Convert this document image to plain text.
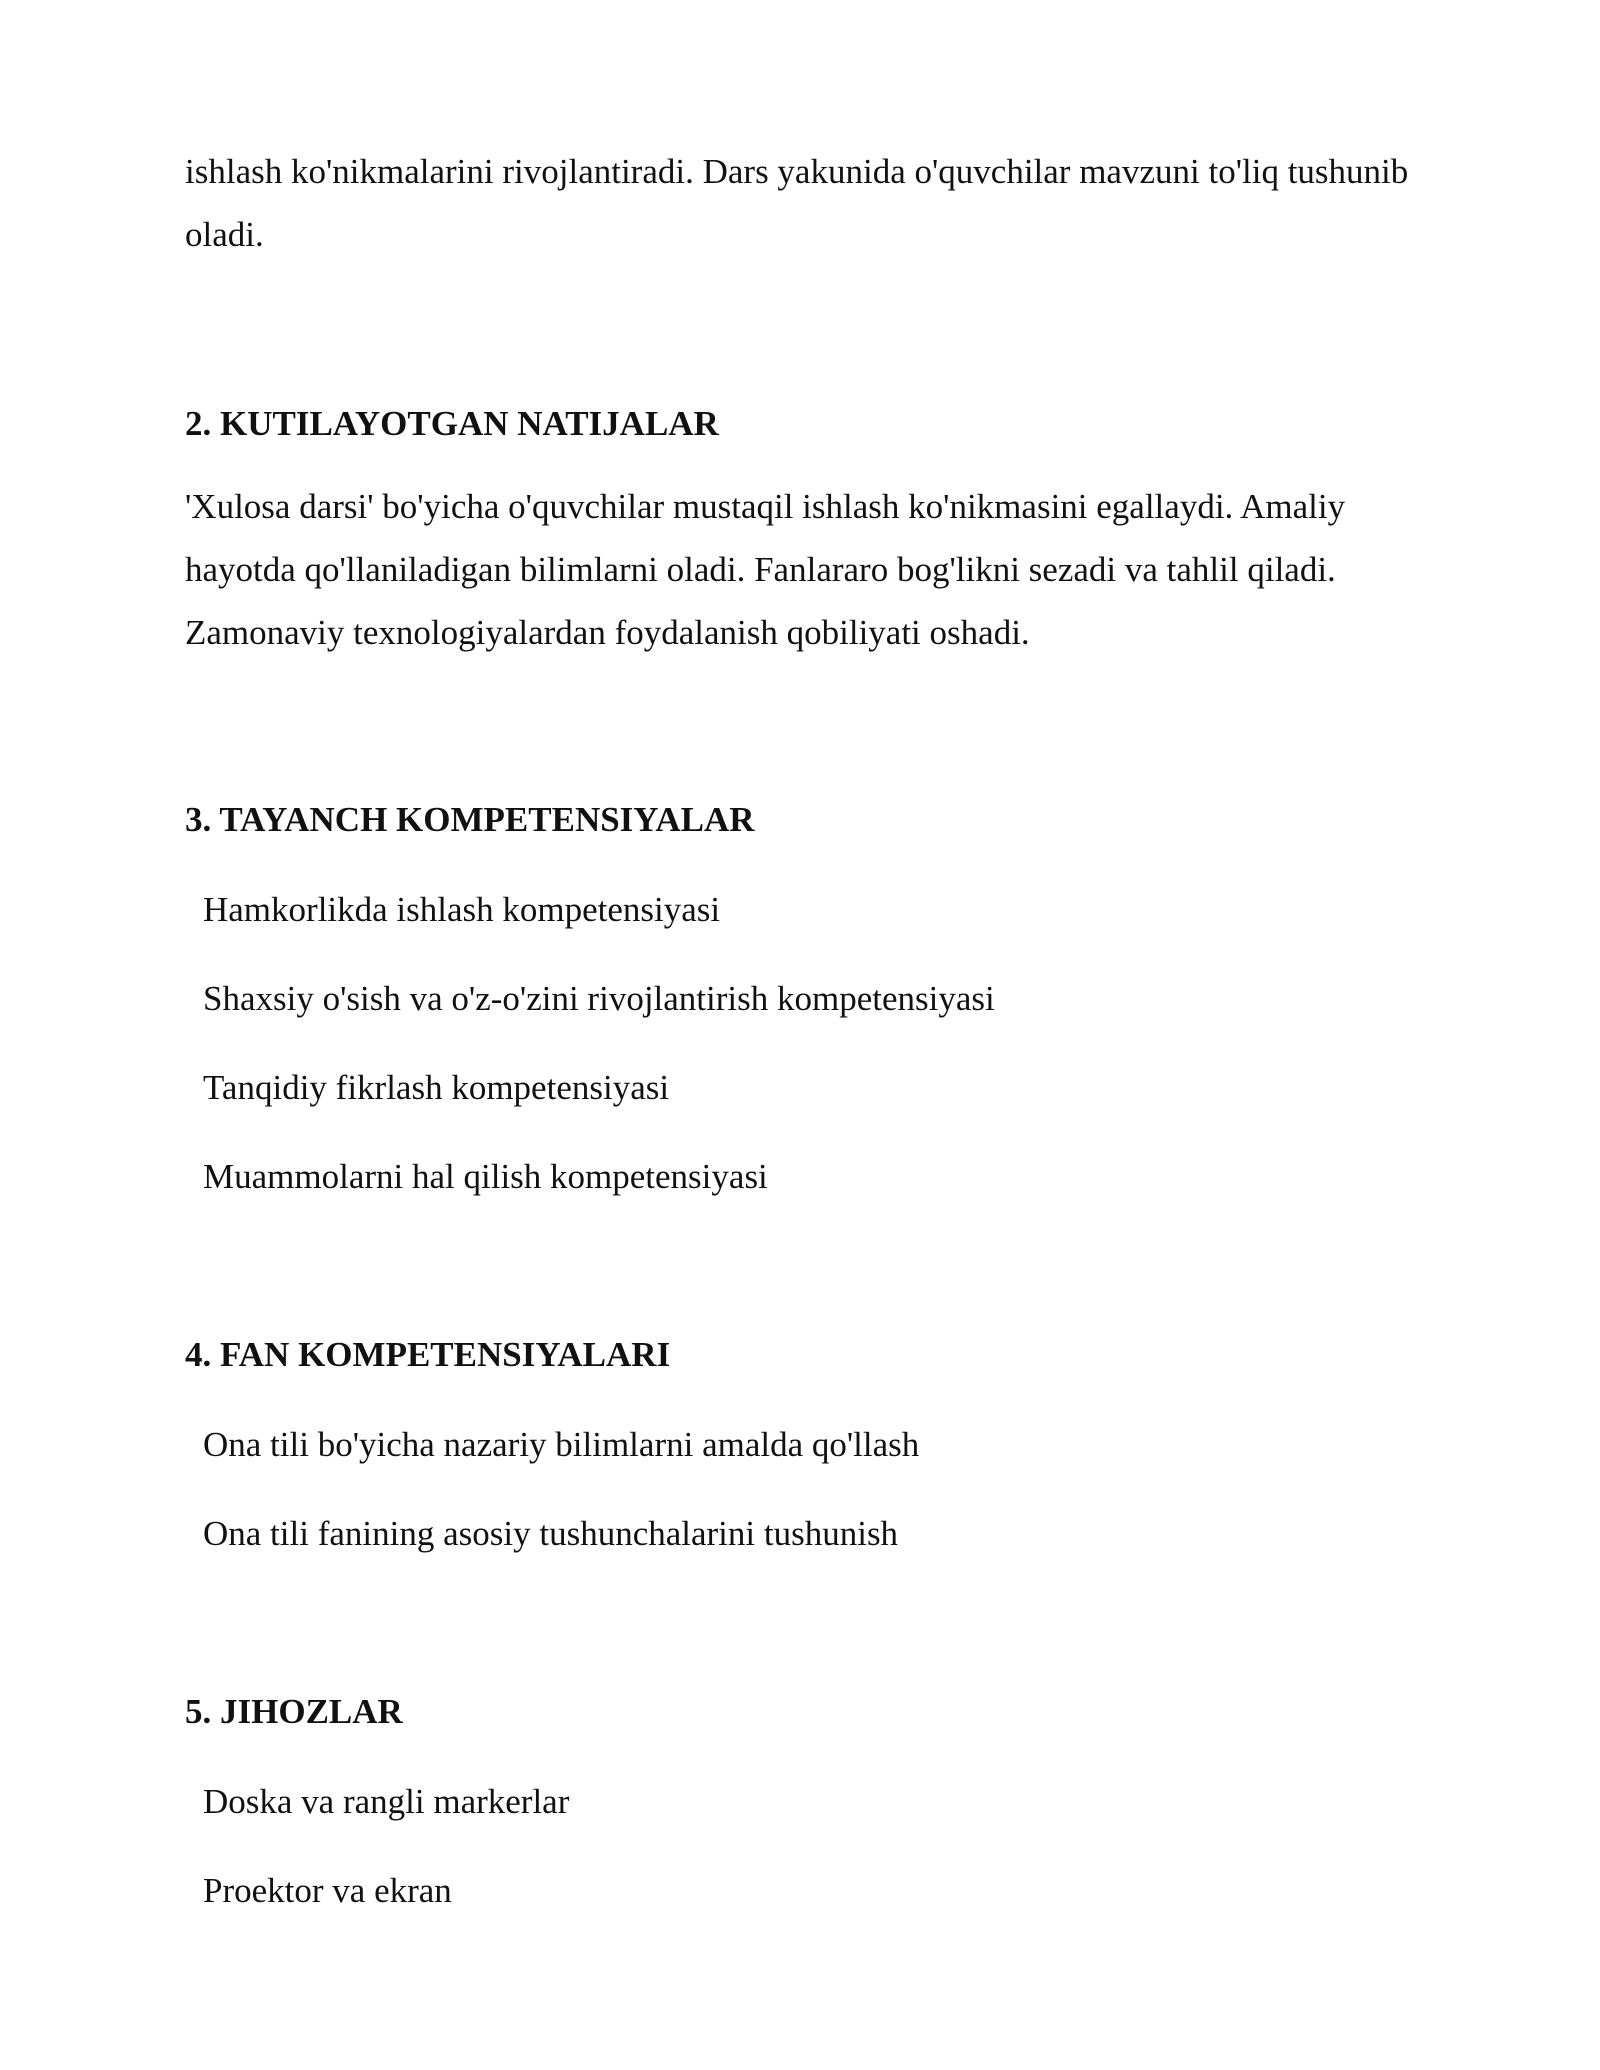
ishlash ko'nikmalarini rivojlantiradi. Dars yakunida o'quvchilar mavzuni to'liq tushunib oladi.

2. KUTILAYOTGAN NATIJALAR

'Xulosa darsi' bo'yicha o'quvchilar mustaqil ishlash ko'nikmasini egallaydi. Amaliy hayotda qo'llaniladigan bilimlarni oladi. Fanlararo bog'likni sezadi va tahlil qiladi. Zamonaviy texnologiyalardan foydalanish qobiliyati oshadi.

3. TAYANCH KOMPETENSIYALAR
Hamkorlikda ishlash kompetensiyasi
Shaxsiy o'sish va o'z-o'zini rivojlantirish kompetensiyasi
Tanqidiy fikrlash kompetensiyasi
Muammolarni hal qilish kompetensiyasi
4. FAN KOMPETENSIYALARI
Ona tili bo'yicha nazariy bilimlarni amalda qo'llash
Ona tili fanining asosiy tushunchalarini tushunish
5. JIHOZLAR
Doska va rangli markerlar
Proektor va ekran
